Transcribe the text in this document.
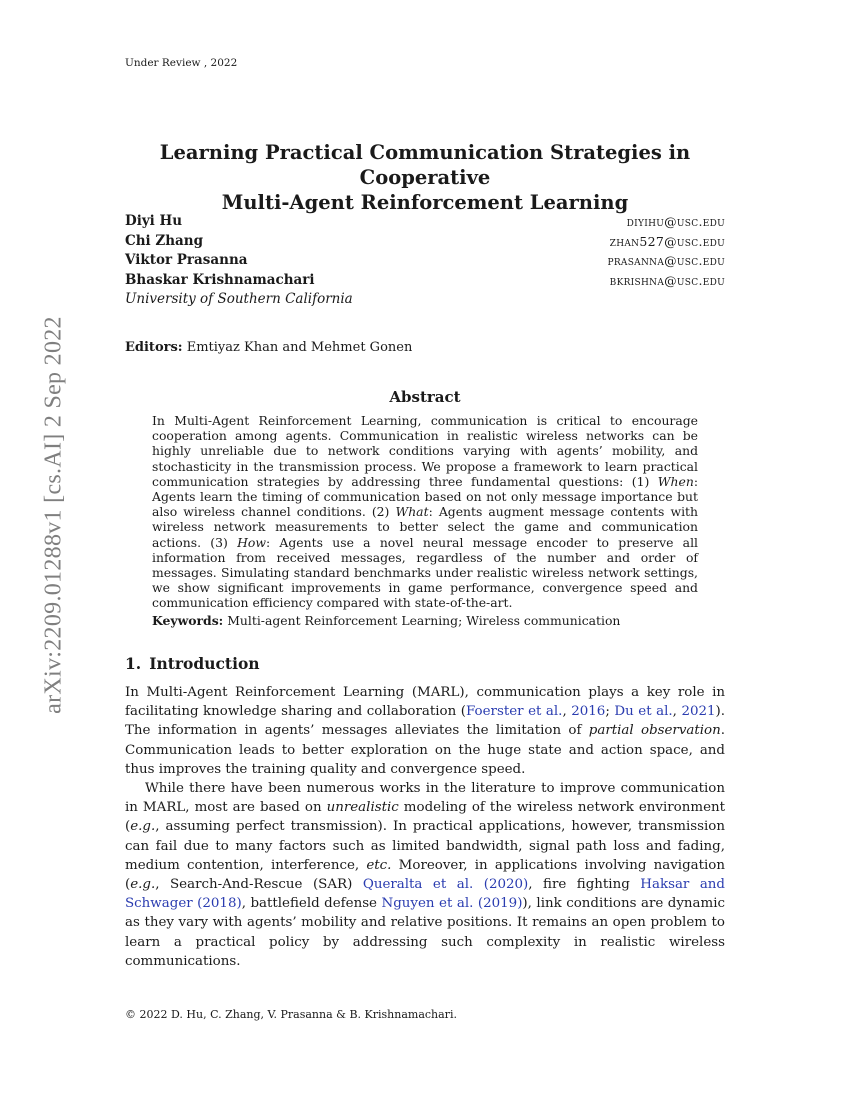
Under Review , 2022
arXiv:2209.01288v1 [cs.AI] 2 Sep 2022
Learning Practical Communication Strategies in Cooperative
Multi-Agent Reinforcement Learning
Diyi Hu	diyihu@usc.edu
Chi Zhang	zhan527@usc.edu
Viktor Prasanna	prasanna@usc.edu
Bhaskar Krishnamachari	bkrishna@usc.edu
University of Southern California
Editors: Emtiyaz Khan and Mehmet Gonen
Abstract
In Multi-Agent Reinforcement Learning, communication is critical to encourage cooperation among agents. Communication in realistic wireless networks can be highly unreliable due to network conditions varying with agents’ mobility, and stochasticity in the transmission process. We propose a framework to learn practical communication strategies by addressing three fundamental questions: (1) When: Agents learn the timing of communication based on not only message importance but also wireless channel conditions. (2) What: Agents augment message contents with wireless network measurements to better select the game and communication actions. (3) How: Agents use a novel neural message encoder to preserve all information from received messages, regardless of the number and order of messages. Simulating standard benchmarks under realistic wireless network settings, we show significant improvements in game performance, convergence speed and communication efficiency compared with state-of-the-art.
Keywords: Multi-agent Reinforcement Learning; Wireless communication
1. Introduction

In Multi-Agent Reinforcement Learning (MARL), communication plays a key role in facilitating knowledge sharing and collaboration (Foerster et al., 2016; Du et al., 2021). The information in agents’ messages alleviates the limitation of partial observation. Communication leads to better exploration on the huge state and action space, and thus improves the training quality and convergence speed.

While there have been numerous works in the literature to improve communication in MARL, most are based on unrealistic modeling of the wireless network environment (e.g., assuming perfect transmission). In practical applications, however, transmission can fail due to many factors such as limited bandwidth, signal path loss and fading, medium contention, interference, etc. Moreover, in applications involving navigation (e.g., Search-And-Rescue (SAR) Queralta et al. (2020), fire fighting Haksar and Schwager (2018), battlefield defense Nguyen et al. (2019)), link conditions are dynamic as they vary with agents’ mobility and relative positions. It remains an open problem to learn a practical policy by addressing such complexity in realistic wireless communications.

© 2022 D. Hu, C. Zhang, V. Prasanna & B. Krishnamachari.
